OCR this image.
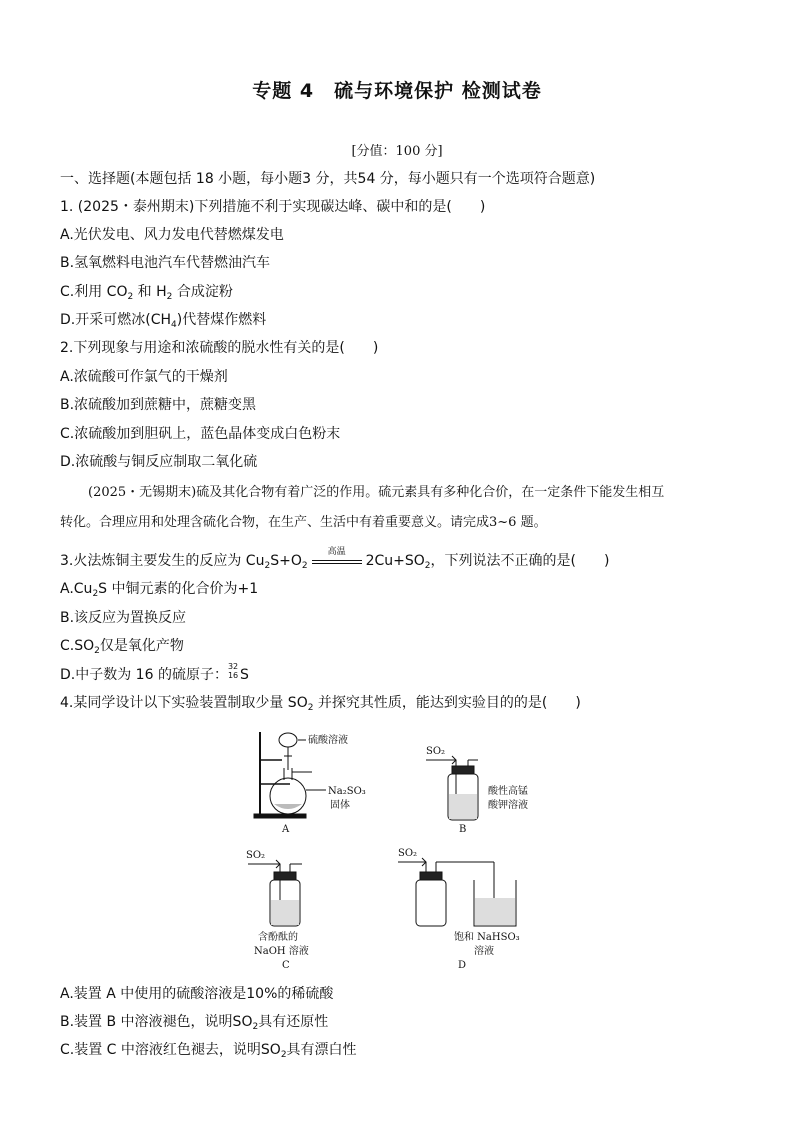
专题 4　硫与环境保护 检测试卷
[分值：100 分]
一、选择题(本题包括 18 小题，每小题3 分，共54 分，每小题只有一个选项符合题意)
1. (2025・泰州期末)下列措施不利于实现碳达峰、碳中和的是(　　)
A.光伏发电、风力发电代替燃煤发电
B.氢氧燃料电池汽车代替燃油汽车
C.利用 $CO_2$ 和 $H_2$ 合成淀粉
D.开采可燃冰$(CH_4)$代替煤作燃料
2.下列现象与用途和浓硫酸的脱水性有关的是(　　)
A.浓硫酸可作氯气的干燥剂
B.浓硫酸加到蔗糖中，蔗糖变黑
C.浓硫酸加到胆矾上，蓝色晶体变成白色粉末
D.浓硫酸与铜反应制取二氧化硫

(2025・无锡期末)硫及其化合物有着广泛的作用。硫元素具有多种化合价，在一定条件下能发生相互

转化。合理应用和处理含硫化合物，在生产、生活中有着重要意义。请完成3~6 题。

3.火法炼铜主要发生的反应为 $Cu_2S+O_2$
高温
$2Cu+SO_2$，下列说法不正确的是(　　)
$A.Cu_2S$ 中铜元素的化合价为+1
B.该反应为置换反应
$C.SO_2$仅是氧化产物
D.中子数为 16 的硫原子：
32
16 S
4.某同学设计以下实验装置制取少量 $SO_2$ 并探究其性质，能达到实验目的的是(　　)
硫酸溶液
Na₂SO₃
固体
A
SO₂
酸性高锰
酸钾溶液
B
SO₂
含酚酞的
NaOH 溶液
C
SO₂
饱和 NaHSO₃
溶液
D
A.装置 A 中使用的硫酸溶液是10%的稀硫酸
B.装置 B 中溶液褪色，说明$SO_2$具有还原性
C.装置 C 中溶液红色褪去，说明$SO_2$具有漂白性
